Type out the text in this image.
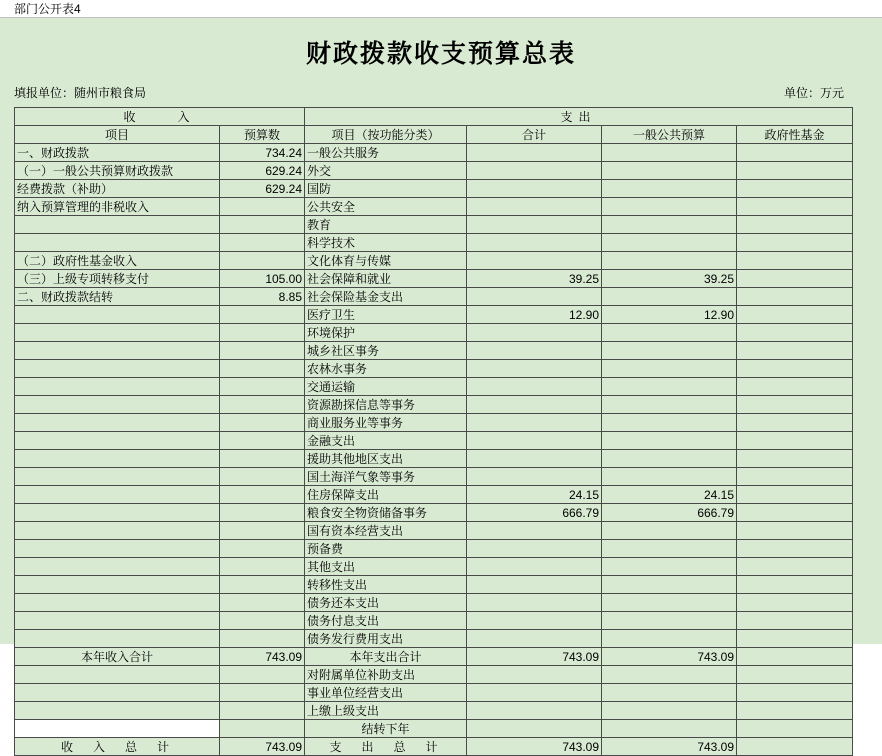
部门公开表4
财政拨款收支预算总表
填报单位：随州市粮食局	单位：万元
收　　入		支出			
项目	预算数	项目（按功能分类）	合计	一般公共预算	政府性基金
一、财政拨款	734.24	一般公共服务			
（一）一般公共预算财政拨款	629.24	外交			
经费拨款（补助）	629.24	国防			
纳入预算管理的非税收入		公共安全			
		教育			
		科学技术			
（二）政府性基金收入		文化体育与传媒			
（三）上级专项转移支付	105.00	社会保障和就业	39.25	39.25	
二、财政拨款结转	8.85	社会保险基金支出			
		医疗卫生	12.90	12.90	
		环境保护			
		城乡社区事务			
		农林水事务			
		交通运输			
		资源勘探信息等事务			
		商业服务业等事务			
		金融支出			
		援助其他地区支出			
		国土海洋气象等事务			
		住房保障支出	24.15	24.15	
		粮食安全物资储备事务	666.79	666.79	
		国有资本经营支出			
		预备费			
		其他支出			
		转移性支出			
		债务还本支出			
		债务付息支出			
		债务发行费用支出			
本年收入合计	743.09	本年支出合计	743.09	743.09	
		对附属单位补助支出			
		事业单位经营支出			
		上缴上级支出			
		结转下年			
收　入　总　计	743.09	支　出　总　计	743.09	743.09	
